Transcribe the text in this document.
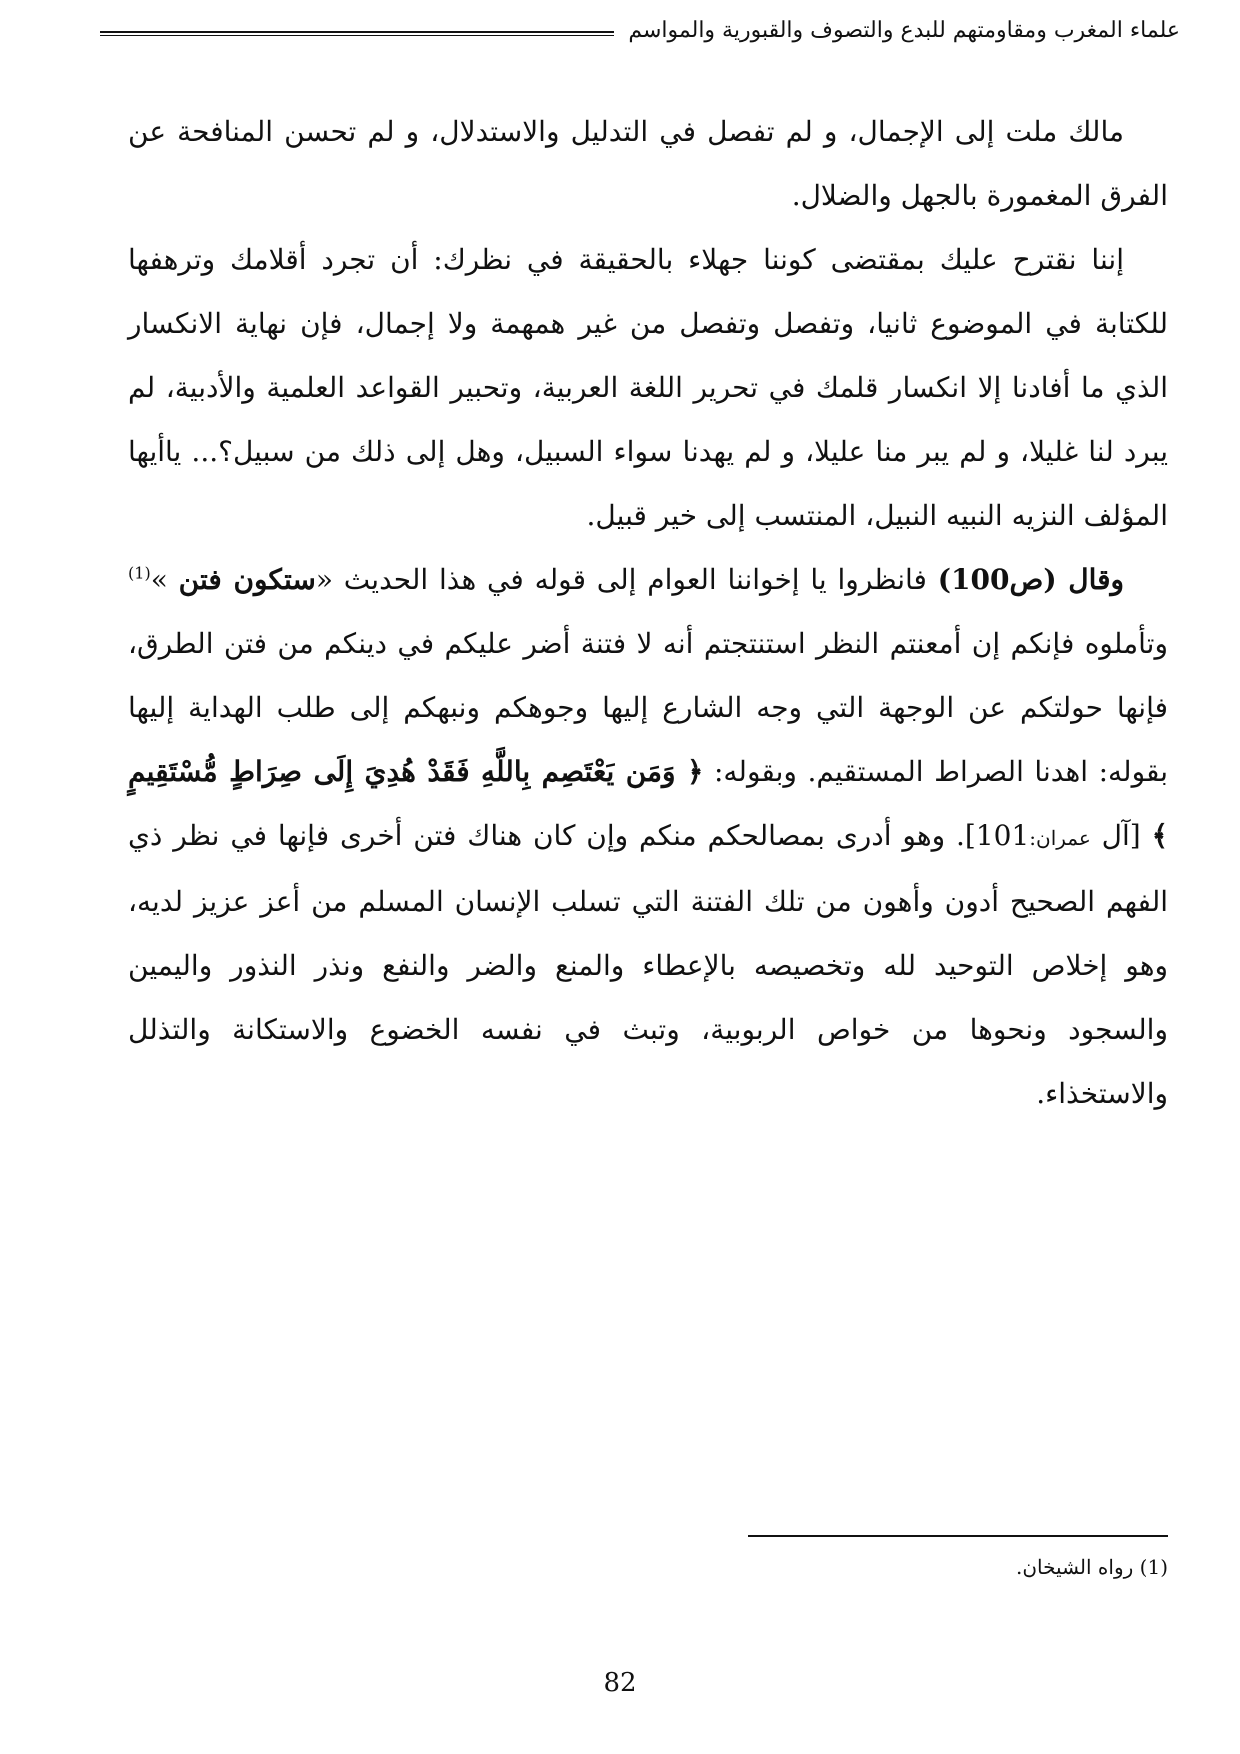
علماء المغرب ومقاومتهم للبدع والتصوف والقبورية والمواسم

مالك ملت إلى الإجمال، و لم تفصل في التدليل والاستدلال، و لم تحسن المنافحة عن الفرق المغمورة بالجهل والضلال.

إننا نقترح عليك بمقتضى كوننا جهلاء بالحقيقة في نظرك: أن تجرد أقلامك وترهفها للكتابة في الموضوع ثانيا، وتفصل وتفصل من غير همهمة ولا إجمال، فإن نهاية الانكسار الذي ما أفادنا إلا انكسار قلمك في تحرير اللغة العربية، وتحبير القواعد العلمية والأدبية، لم يبرد لنا غليلا، و لم يبر منا عليلا، و لم يهدنا سواء السبيل، وهل إلى ذلك من سبيل؟... ياأيها المؤلف النزيه النبيه النبيل، المنتسب إلى خير قبيل.

وقال (ص100) فانظروا يا إخواننا العوام إلى قوله في هذا الحديث «ستكون فتن »$^{(1)}$ وتأملوه فإنكم إن أمعنتم النظر استنتجتم أنه لا فتنة أضر عليكم في دينكم من فتن الطرق، فإنها حولتكم عن الوجهة التي وجه الشارع إليها وجوهكم ونبهكم إلى طلب الهداية إليها بقوله: اهدنا الصراط المستقيم. وبقوله: ﴿ وَمَن يَعْتَصِم بِاللَّهِ فَقَدْ هُدِيَ إِلَى صِرَاطٍ مُّسْتَقِيمٍ ﴾ [آل عمران:101]. وهو أدرى بمصالحكم منكم وإن كان هناك فتن أخرى فإنها في نظر ذي الفهم الصحيح أدون وأهون من تلك الفتنة التي تسلب الإنسان المسلم من أعز عزيز لديه، وهو إخلاص التوحيد لله وتخصيصه بالإعطاء والمنع والضر والنفع ونذر النذور واليمين والسجود ونحوها من خواص الربوبية، وتبث في نفسه الخضوع والاستكانة والتذلل والاستخذاء.

(1) رواه الشيخان.
82
